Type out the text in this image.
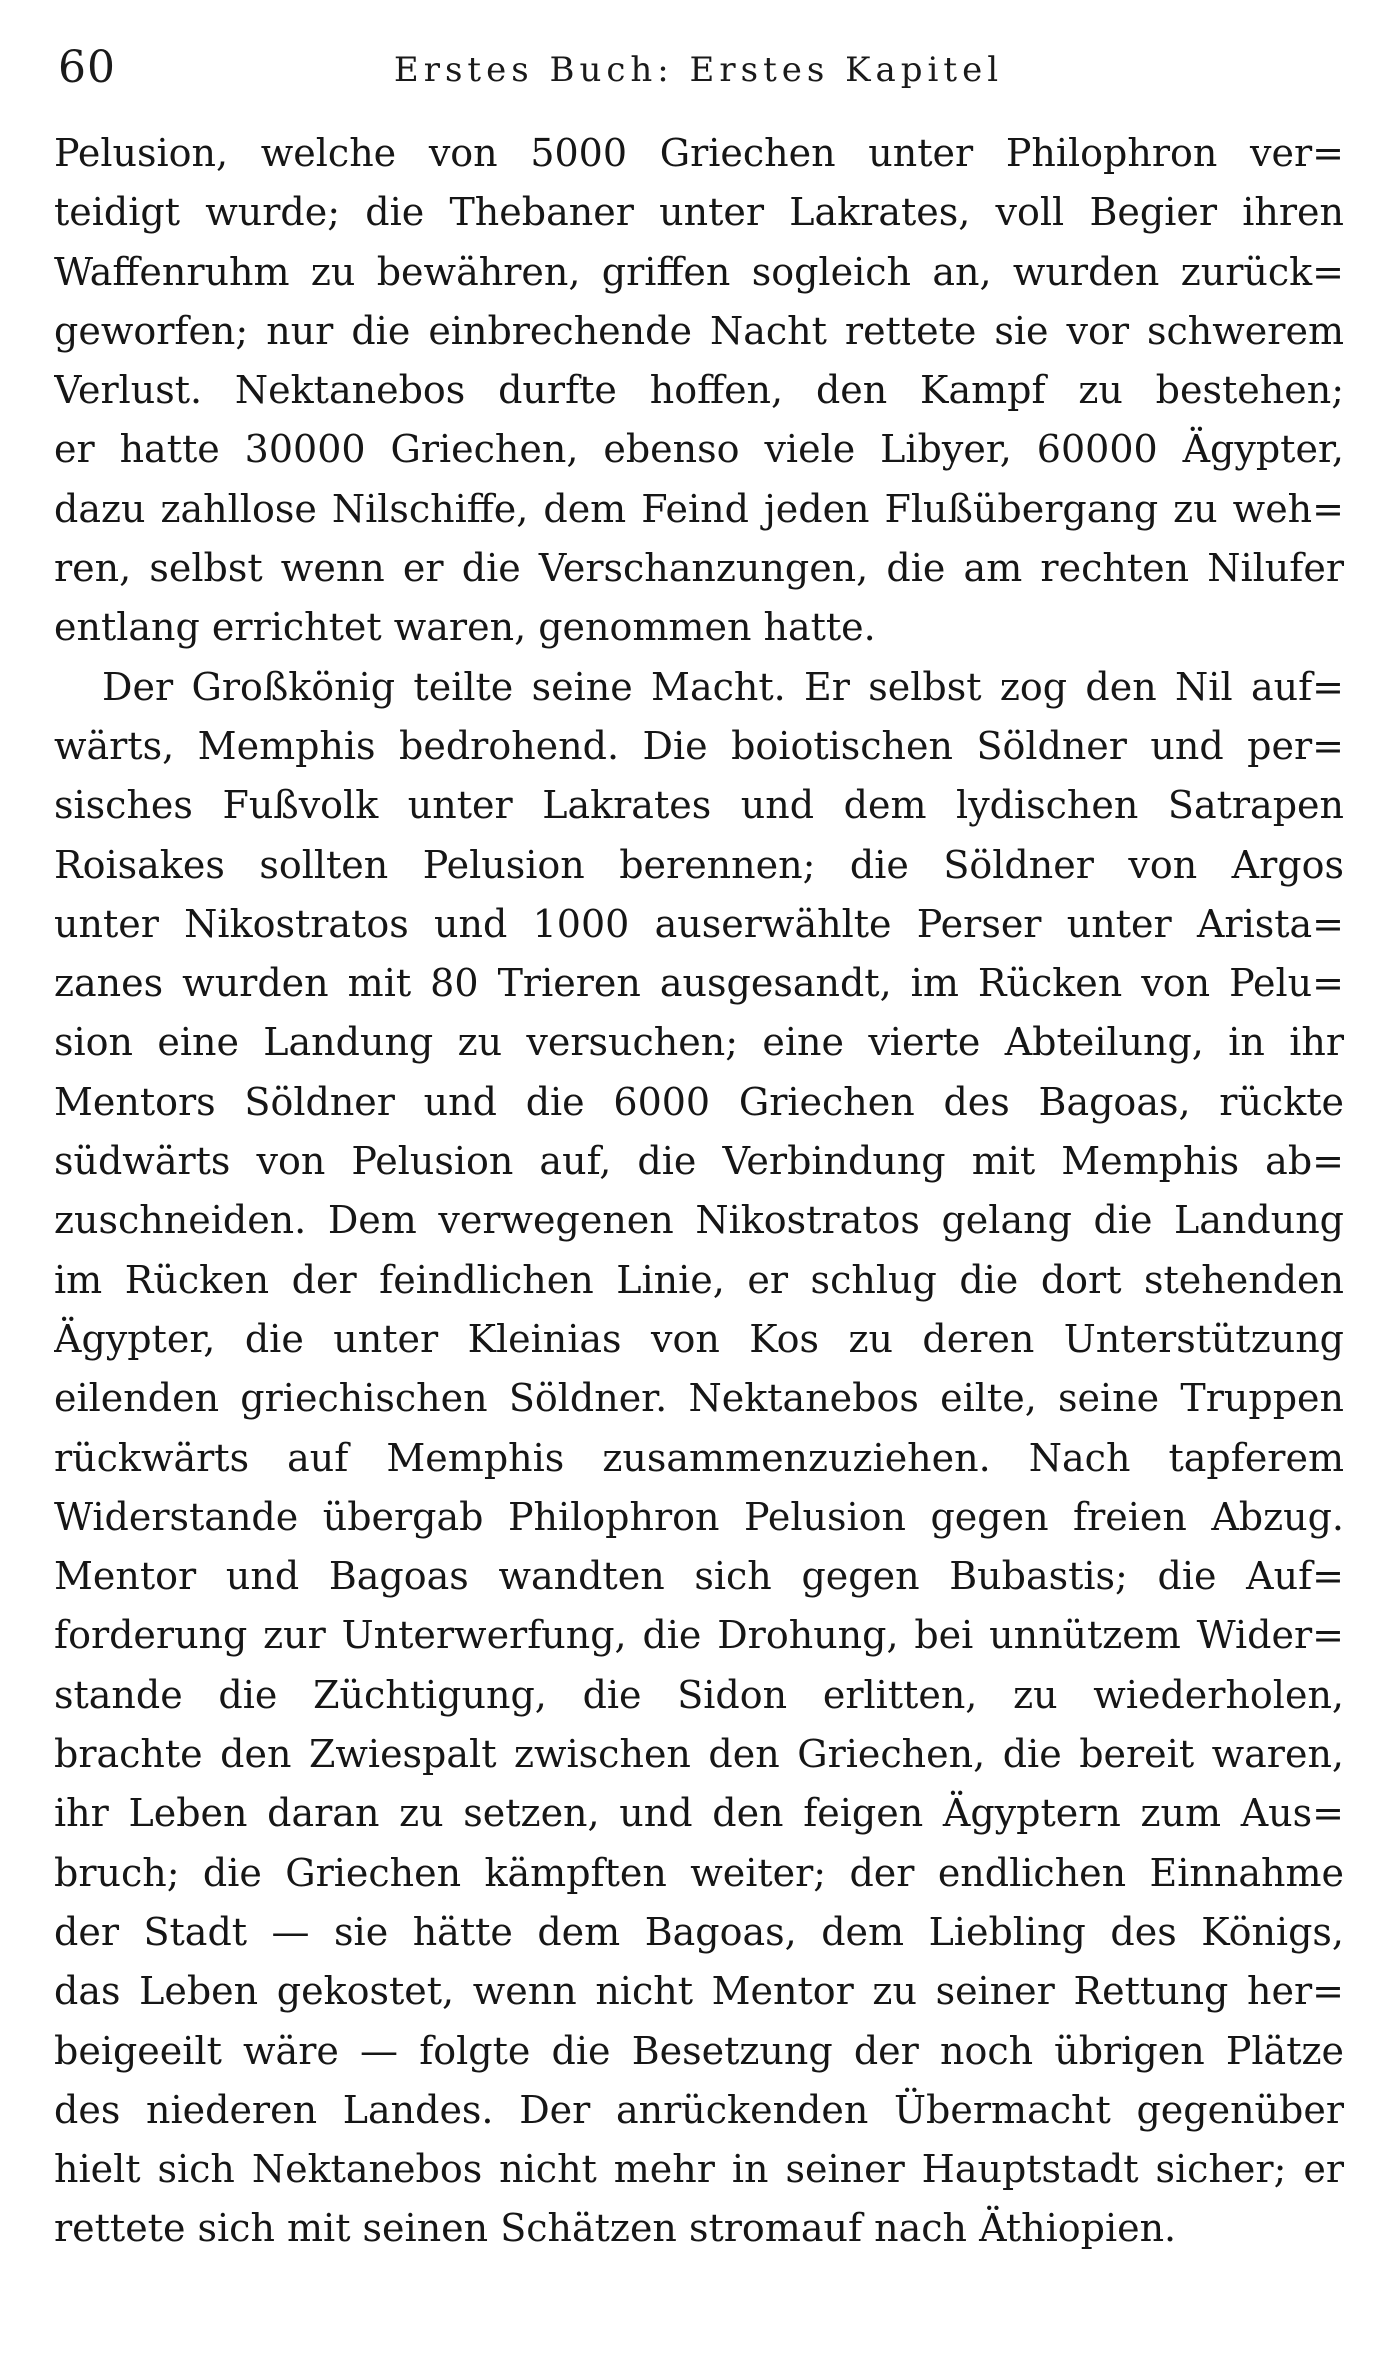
60	Erstes Buch: Erstes Kapitel
Pelusion, welche von 5000 Griechen unter Philophron ver=
teidigt wurde; die Thebaner unter Lakrates, voll Begier ihren
Waffenruhm zu bewähren, griffen sogleich an, wurden zurück=
geworfen; nur die einbrechende Nacht rettete sie vor schwerem
Verlust. Nektanebos durfte hoffen, den Kampf zu bestehen;
er hatte 30000 Griechen, ebenso viele Libyer, 60000 Ägypter,
dazu zahllose Nilschiffe, dem Feind jeden Flußübergang zu weh=
ren, selbst wenn er die Verschanzungen, die am rechten Nilufer
entlang errichtet waren, genommen hatte.
Der Großkönig teilte seine Macht. Er selbst zog den Nil auf=
wärts, Memphis bedrohend. Die boiotischen Söldner und per=
sisches Fußvolk unter Lakrates und dem lydischen Satrapen
Roisakes sollten Pelusion berennen; die Söldner von Argos
unter Nikostratos und 1000 auserwählte Perser unter Arista=
zanes wurden mit 80 Trieren ausgesandt, im Rücken von Pelu=
sion eine Landung zu versuchen; eine vierte Abteilung, in ihr
Mentors Söldner und die 6000 Griechen des Bagoas, rückte
südwärts von Pelusion auf, die Verbindung mit Memphis ab=
zuschneiden. Dem verwegenen Nikostratos gelang die Landung
im Rücken der feindlichen Linie, er schlug die dort stehenden
Ägypter, die unter Kleinias von Kos zu deren Unterstützung
eilenden griechischen Söldner. Nektanebos eilte, seine Truppen
rückwärts auf Memphis zusammenzuziehen. Nach tapferem
Widerstande übergab Philophron Pelusion gegen freien Abzug.
Mentor und Bagoas wandten sich gegen Bubastis; die Auf=
forderung zur Unterwerfung, die Drohung, bei unnützem Wider=
stande die Züchtigung, die Sidon erlitten, zu wiederholen,
brachte den Zwiespalt zwischen den Griechen, die bereit waren,
ihr Leben daran zu setzen, und den feigen Ägyptern zum Aus=
bruch; die Griechen kämpften weiter; der endlichen Einnahme
der Stadt — sie hätte dem Bagoas, dem Liebling des Königs,
das Leben gekostet, wenn nicht Mentor zu seiner Rettung her=
beigeeilt wäre — folgte die Besetzung der noch übrigen Plätze
des niederen Landes. Der anrückenden Übermacht gegenüber
hielt sich Nektanebos nicht mehr in seiner Hauptstadt sicher; er
rettete sich mit seinen Schätzen stromauf nach Äthiopien.
